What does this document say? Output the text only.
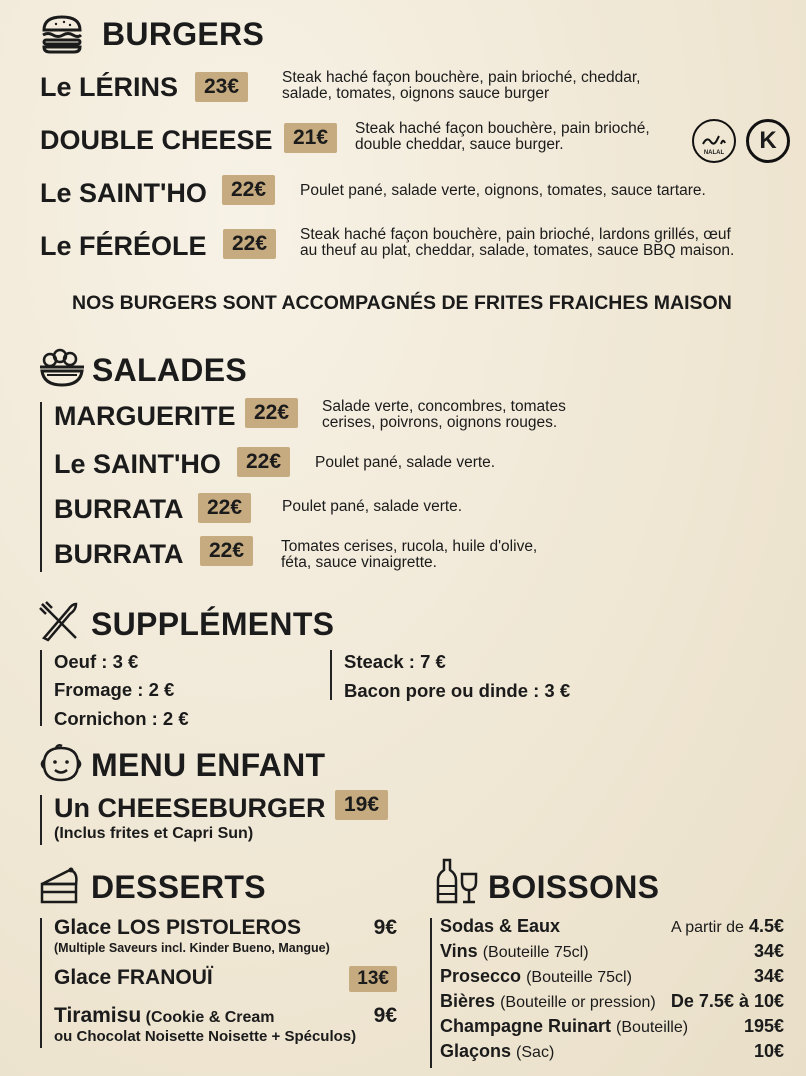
BURGERS
Le LÉRINS	23€	Steak haché façon bouchère, pain brioché, cheddar,
salade, tomates, oignons sauce burger
DOUBLE CHEESE 21€	Steak haché façon bouchère, pain brioché,
double cheddar, sauce burger.	NALAL K
Le SAINT'HO	22€	Poulet pané, salade verte, oignons, tomates, sauce tartare.
Le FÉRÉOLE	22€	Steak haché façon bouchère, pain brioché, lardons grillés, œuf
au theuf au plat, cheddar, salade, tomates, sauce BBQ maison.
NOS BURGERS SONT ACCOMPAGNÉS DE FRITES FRAICHES MAISON
SALADES
MARGUERITE 22€	Salade verte, concombres, tomates
cerises, poivrons, oignons rouges.
Le SAINT'HO	22€	Poulet pané, salade verte.
BURRATA	22€	Poulet pané, salade verte.
BURRATA	22€	Tomates cerises, rucola, huile d'olive,
féta, sauce vinaigrette.
SUPPLÉMENTS
Oeuf : 3 €
Fromage : 2 €
Cornichon : 2 €
Steack : 7 €
Bacon pore ou dinde : 3 €
MENU ENFANT
Un CHEESEBURGER 19€
(Inclus frites et Capri Sun)
DESSERTS
Glace LOS PISTOLEROS	9€
(Multiple Saveurs incl. Kinder Bueno, Mangue)
Glace FRANOUÏ	13€
Tiramisu (Cookie & Cream	9€
ou Chocolat Noisette Noisette + Spéculos)
BOISSONS
Sodas & Eaux	A partir de 4.5€
Vins (Bouteille 75cl)	34€
Prosecco (Bouteille 75cl)	34€
Bières (Bouteille or pression) De 7.5€ à 10€
Champagne Ruinart (Bouteille)	195€
Glaçons (Sac)	10€
